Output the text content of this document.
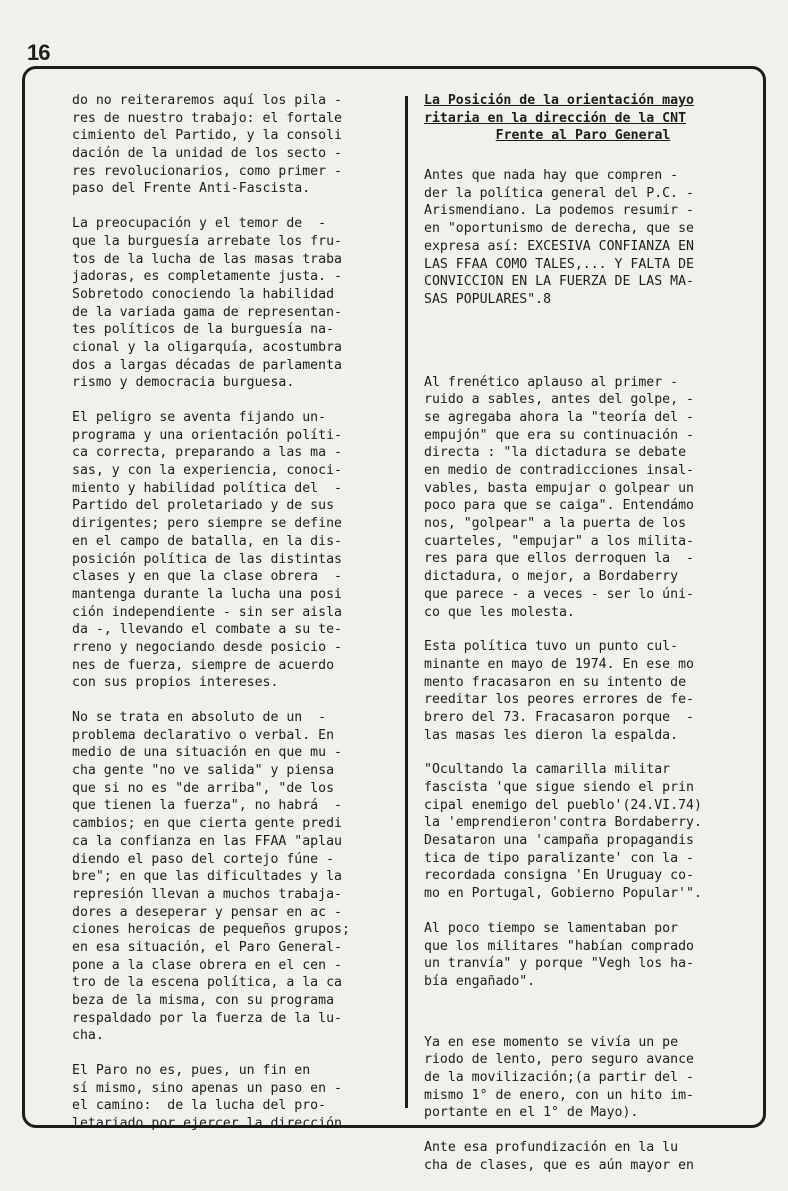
16
do no reiteraremos aquí los pila -
res de nuestro trabajo: el fortale
cimiento del Partido, y la consoli
dación de la unidad de los secto -
res revolucionarios, como primer -
paso del Frente Anti-Fascista.
La preocupación y el temor de  -
que la burguesía arrebate los fru-
tos de la lucha de las masas traba
jadoras, es completamente justa. -
Sobretodo conociendo la habilidad
de la variada gama de representan-
tes políticos de la burguesía na-
cional y la oligarquía, acostumbra
dos a largas décadas de parlamenta
rismo y democracia burguesa.
El peligro se aventa fijando un-
programa y una orientación políti-
ca correcta, preparando a las ma -
sas, y con la experiencia, conoci-
miento y habilidad política del  -
Partido del proletariado y de sus
dirigentes; pero siempre se define
en el campo de batalla, en la dis-
posición política de las distintas
clases y en que la clase obrera  -
mantenga durante la lucha una posi
ción independiente - sin ser aisla
da -, llevando el combate a su te-
rreno y negociando desde posicio -
nes de fuerza, siempre de acuerdo
con sus propios intereses.
No se trata en absoluto de un  -
problema declarativo o verbal. En
medio de una situación en que mu -
cha gente "no ve salida" y piensa
que si no es "de arriba", "de los
que tienen la fuerza", no habrá  -
cambios; en que cierta gente predi
ca la confianza en las FFAA "aplau
diendo el paso del cortejo fúne -
bre"; en que las dificultades y la
represión llevan a muchos trabaja-
dores a deseperar y pensar en ac -
ciones heroicas de pequeños grupos;
en esa situación, el Paro General-
pone a la clase obrera en el cen -
tro de la escena política, a la ca
beza de la misma, con su programa
respaldado por la fuerza de la lu-
cha.
El Paro no es, pues, un fin en
sí mismo, sino apenas un paso en -
el camino:  de la lucha del pro-
letariado por ejercer la dirección.
La Posición de la orientación mayo
ritaria en la dirección de la CNT
Frente al Paro General
Antes que nada hay que compren -
der la política general del P.C. -
Arismendiano. La podemos resumir -
en "oportunismo de derecha, que se
expresa así: EXCESIVA CONFIANZA EN
LAS FFAA COMO TALES,... Y FALTA DE
CONVICCION EN LA FUERZA DE LAS MA-
SAS POPULARES".8
Al frenético aplauso al primer -
ruido a sables, antes del golpe, -
se agregaba ahora la "teoría del -
empujón" que era su continuación -
directa : "la dictadura se debate
en medio de contradicciones insal-
vables, basta empujar o golpear un
poco para que se caiga". Entendámo
nos, "golpear" a la puerta de los
cuarteles, "empujar" a los milita-
res para que ellos derroquen la  -
dictadura, o mejor, a Bordaberry
que parece - a veces - ser lo úni-
co que les molesta.
Esta política tuvo un punto cul-
minante en mayo de 1974. En ese mo
mento fracasaron en su intento de
reeditar los peores errores de fe-
brero del 73. Fracasaron porque  -
las masas les dieron la espalda.
"Ocultando la camarilla militar
fascista 'que sigue siendo el prin
cipal enemigo del pueblo'(24.VI.74)
la 'emprendieron'contra Bordaberry.
Desataron una 'campaña propagandis
tica de tipo paralizante' con la -
recordada consigna 'En Uruguay co-
mo en Portugal, Gobierno Popular'".
Al poco tiempo se lamentaban por
que los militares "habían comprado
un tranvía" y porque "Vegh los ha-
bía engañado".
Ya en ese momento se vivía un pe
riodo de lento, pero seguro avance
de la movilización;(a partir del -
mismo 1° de enero, con un hito im-
portante en el 1° de Mayo).
Ante esa profundización en la lu
cha de clases, que es aún mayor en
